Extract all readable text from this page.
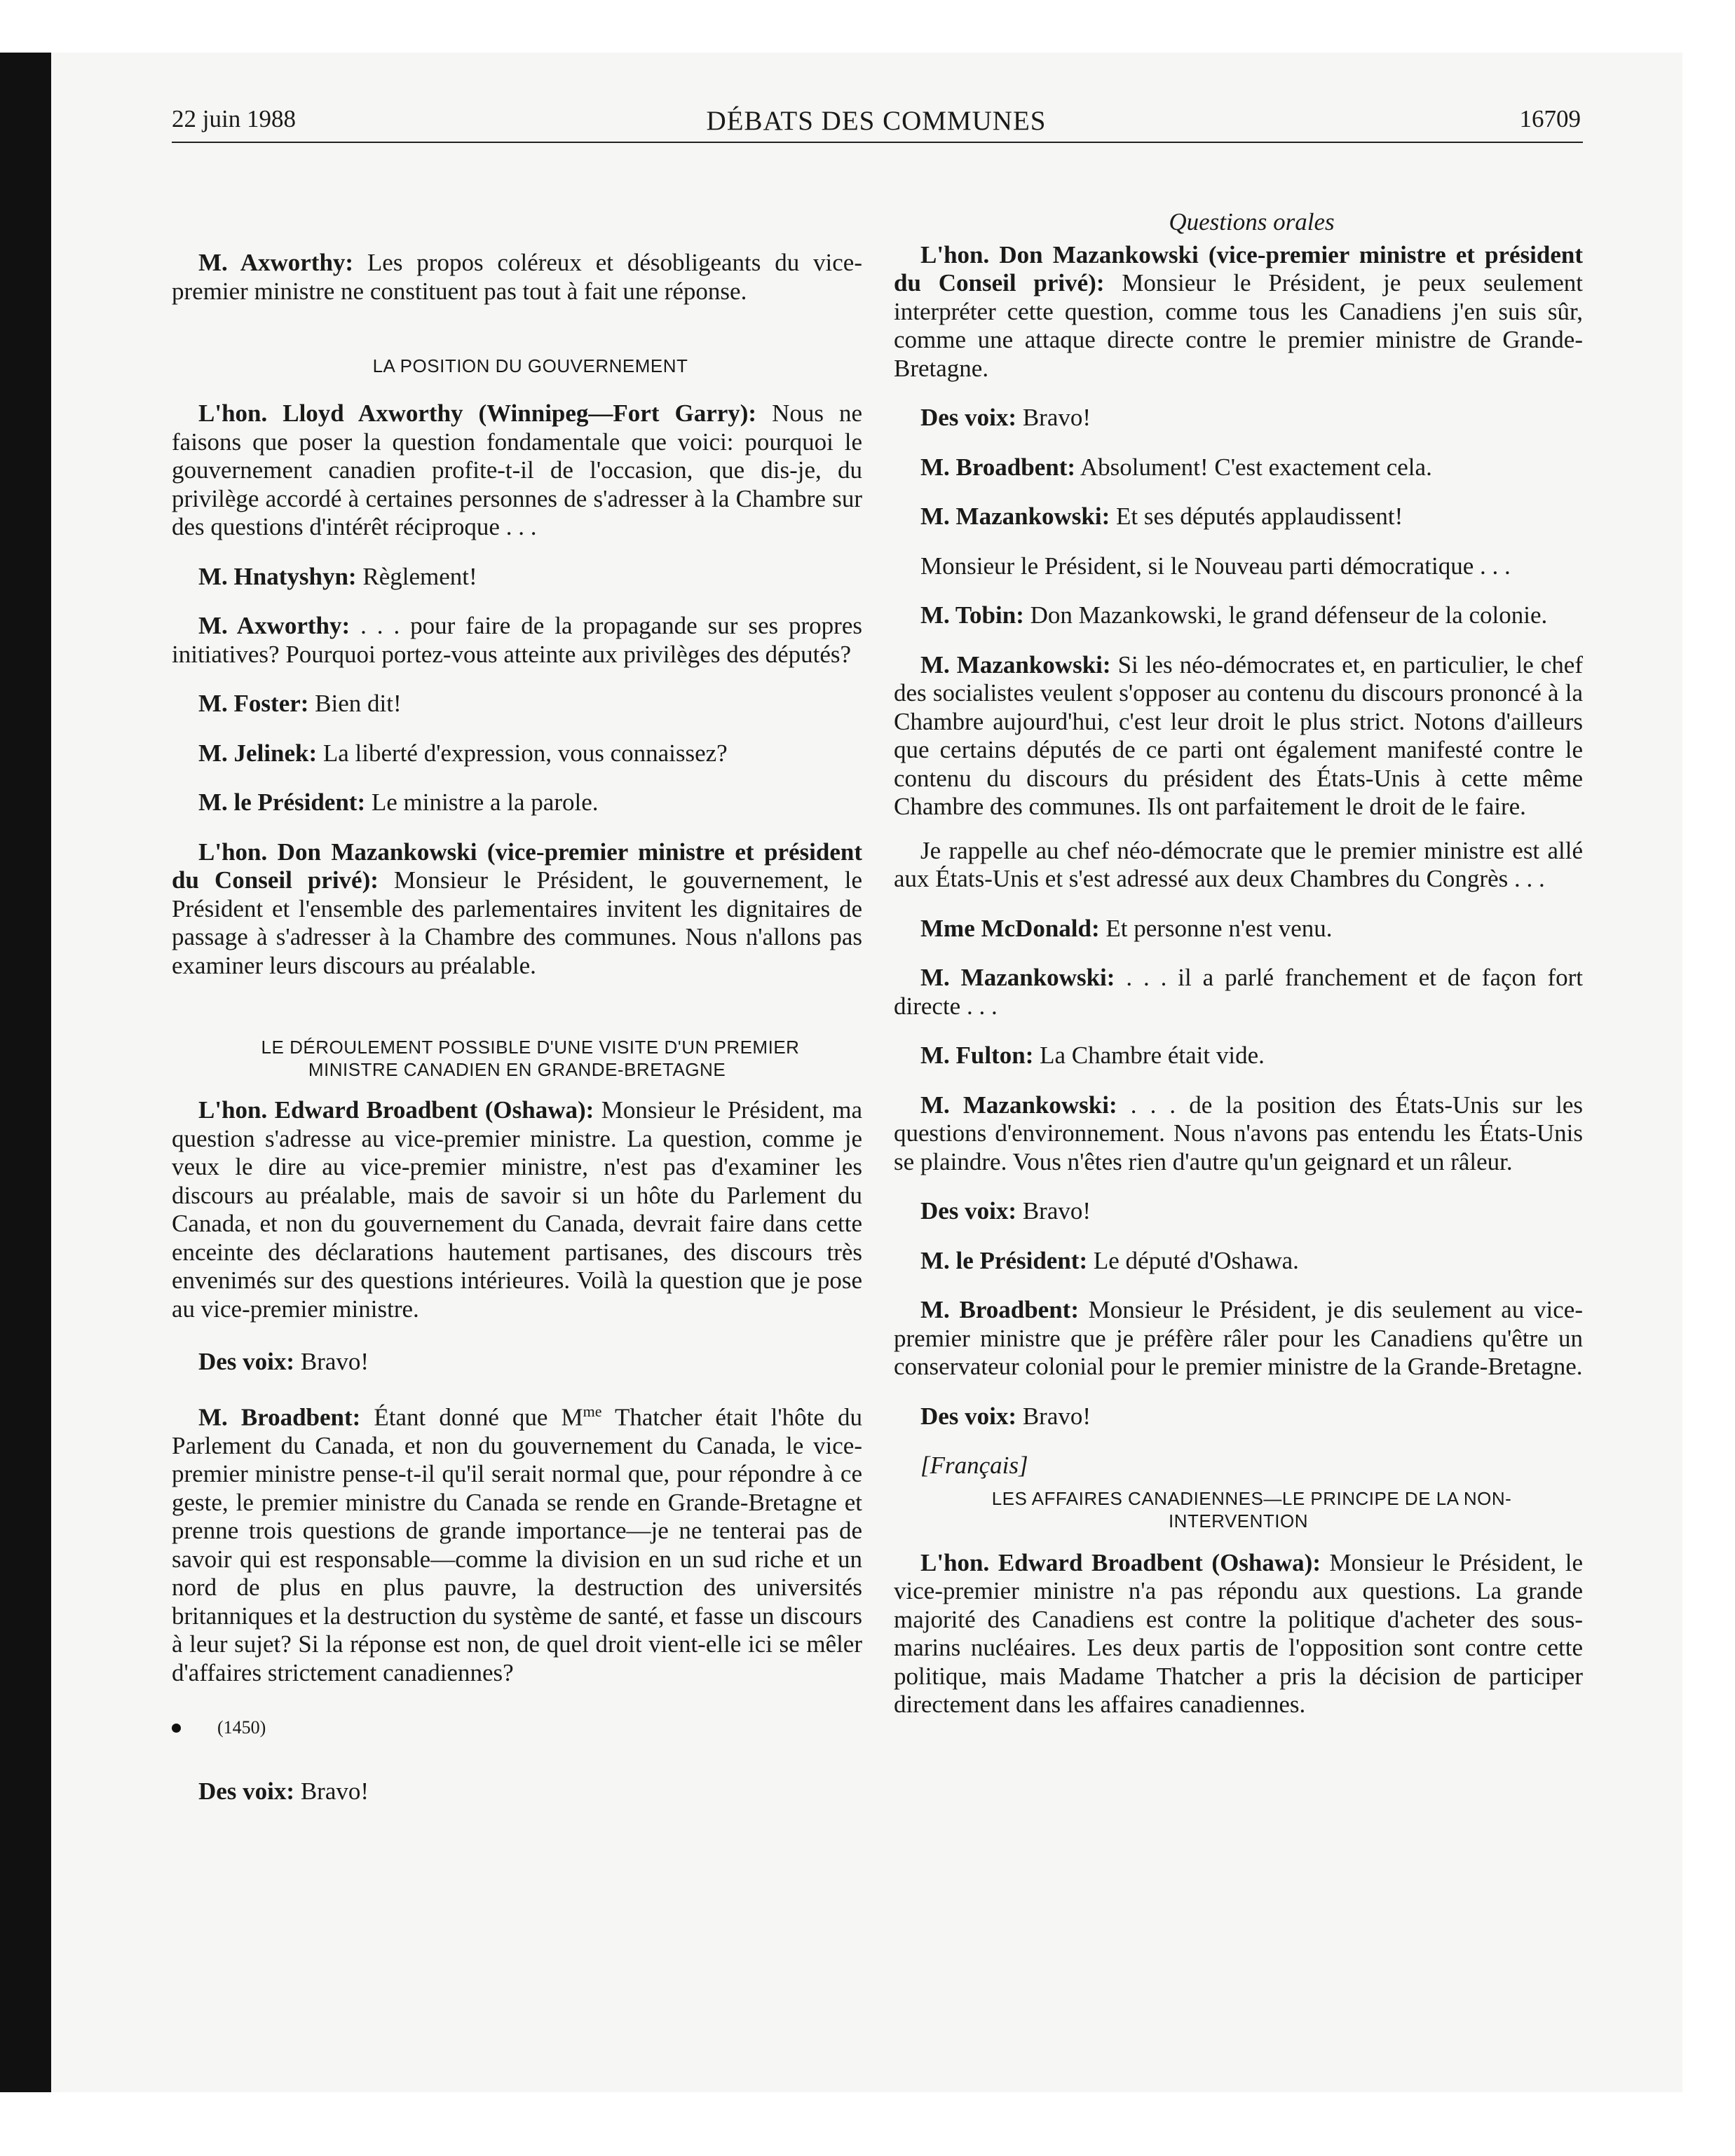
22 juin 1988	DÉBATS DES COMMUNES	16709

M. Axworthy: Les propos coléreux et désobligeants du vice-premier ministre ne constituent pas tout à fait une réponse.

LA POSITION DU GOUVERNEMENT

L'hon. Lloyd Axworthy (Winnipeg—Fort Garry): Nous ne faisons que poser la question fondamentale que voici: pourquoi le gouvernement canadien profite-t-il de l'occasion, que dis-je, du privilège accordé à certaines personnes de s'adresser à la Chambre sur des questions d'intérêt réciproque . . .

M. Hnatyshyn: Règlement!

M. Axworthy: . . . pour faire de la propagande sur ses propres initiatives? Pourquoi portez-vous atteinte aux privilèges des députés?

M. Foster: Bien dit!

M. Jelinek: La liberté d'expression, vous connaissez?

M. le Président: Le ministre a la parole.

L'hon. Don Mazankowski (vice-premier ministre et président du Conseil privé): Monsieur le Président, le gouvernement, le Président et l'ensemble des parlementaires invitent les dignitaires de passage à s'adresser à la Chambre des communes. Nous n'allons pas examiner leurs discours au préalable.

LE DÉROULEMENT POSSIBLE D'UNE VISITE D'UN PREMIER
MINISTRE CANADIEN EN GRANDE-BRETAGNE

L'hon. Edward Broadbent (Oshawa): Monsieur le Président, ma question s'adresse au vice-premier ministre. La question, comme je veux le dire au vice-premier ministre, n'est pas d'examiner les discours au préalable, mais de savoir si un hôte du Parlement du Canada, et non du gouvernement du Canada, devrait faire dans cette enceinte des déclarations hautement partisanes, des discours très envenimés sur des questions intérieures. Voilà la question que je pose au vice-premier ministre.

Des voix: Bravo!

M. Broadbent: Étant donné que $M^{me}$ Thatcher était l'hôte du Parlement du Canada, et non du gouvernement du Canada, le vice-premier ministre pense-t-il qu'il serait normal que, pour répondre à ce geste, le premier ministre du Canada se rende en Grande-Bretagne et prenne trois questions de grande importance—je ne tenterai pas de savoir qui est responsable—comme la division en un sud riche et un nord de plus en plus pauvre, la destruction des universités britanniques et la destruction du système de santé, et fasse un discours à leur sujet? Si la réponse est non, de quel droit vient-elle ici se mêler d'affaires strictement canadiennes?

(1450)

Des voix: Bravo!

Questions orales

L'hon. Don Mazankowski (vice-premier ministre et président du Conseil privé): Monsieur le Président, je peux seulement interpréter cette question, comme tous les Canadiens j'en suis sûr, comme une attaque directe contre le premier ministre de Grande-Bretagne.

Des voix: Bravo!

M. Broadbent: Absolument! C'est exactement cela.

M. Mazankowski: Et ses députés applaudissent!

Monsieur le Président, si le Nouveau parti démocratique . . .

M. Tobin: Don Mazankowski, le grand défenseur de la colonie.

M. Mazankowski: Si les néo-démocrates et, en particulier, le chef des socialistes veulent s'opposer au contenu du discours prononcé à la Chambre aujourd'hui, c'est leur droit le plus strict. Notons d'ailleurs que certains députés de ce parti ont également manifesté contre le contenu du discours du président des États-Unis à cette même Chambre des communes. Ils ont parfaitement le droit de le faire.

Je rappelle au chef néo-démocrate que le premier ministre est allé aux États-Unis et s'est adressé aux deux Chambres du Congrès . . .

Mme McDonald: Et personne n'est venu.

M. Mazankowski: . . . il a parlé franchement et de façon fort directe . . .

M. Fulton: La Chambre était vide.

M. Mazankowski: . . . de la position des États-Unis sur les questions d'environnement. Nous n'avons pas entendu les États-Unis se plaindre. Vous n'êtes rien d'autre qu'un geignard et un râleur.

Des voix: Bravo!

M. le Président: Le député d'Oshawa.

M. Broadbent: Monsieur le Président, je dis seulement au vice-premier ministre que je préfère râler pour les Canadiens qu'être un conservateur colonial pour le premier ministre de la Grande-Bretagne.

Des voix: Bravo!

[Français]

LES AFFAIRES CANADIENNES—LE PRINCIPE DE LA NON-
INTERVENTION

L'hon. Edward Broadbent (Oshawa): Monsieur le Président, le vice-premier ministre n'a pas répondu aux questions. La grande majorité des Canadiens est contre la politique d'acheter des sous-marins nucléaires. Les deux partis de l'opposition sont contre cette politique, mais Madame Thatcher a pris la décision de participer directement dans les affaires canadiennes.
